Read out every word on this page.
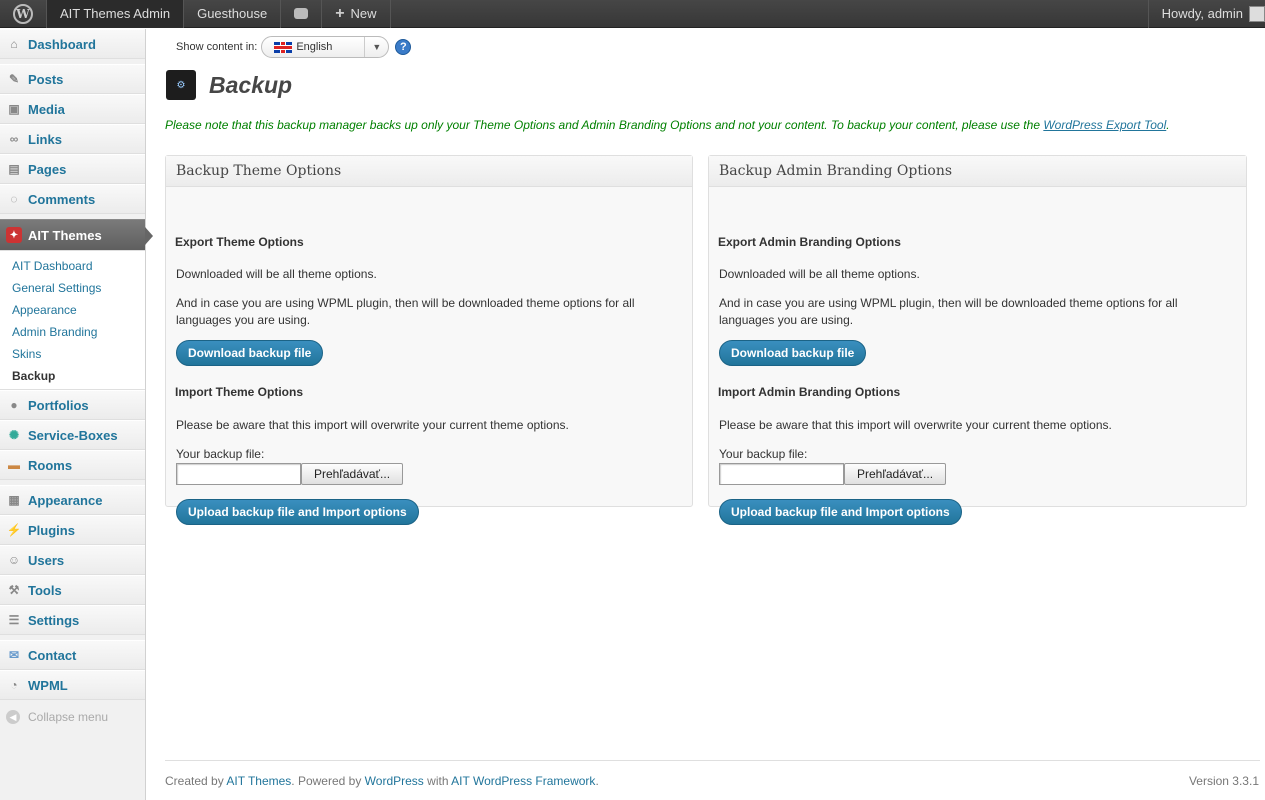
W	AIT Themes Admin	Guesthouse	+ New	Howdy, admin
⌂ Dashboard
✎ Posts
▣ Media
∞ Links
▤ Pages
◌ Comments
✦ AIT Themes
AIT Dashboard
General Settings
Appearance
Admin Branding
Skins
Backup
● Portfolios
✺ Service-Boxes
▬ Rooms
▦ Appearance
⚡ Plugins
☺ Users
⚒ Tools
☰ Settings
✉ Contact
◔ WPML
◀ Collapse menu
Show content in:	English	▼	?
⚙	Backup
Please note that this backup manager backs up only your Theme Options and Admin Branding Options and not your content. To backup your content, please use the WordPress Export Tool.
Backup Theme Options
Export Theme Options
Downloaded will be all theme options.
And in case you are using WPML plugin, then will be downloaded theme options for all languages you are using.
Download backup file
Import Theme Options
Please be aware that this import will overwrite your current theme options.
Your backup file:
Prehľadávať...
Upload backup file and Import options
Backup Admin Branding Options
Export Admin Branding Options
Downloaded will be all theme options.
And in case you are using WPML plugin, then will be downloaded theme options for all languages you are using.
Download backup file
Import Admin Branding Options
Please be aware that this import will overwrite your current theme options.
Your backup file:
Prehľadávať...
Upload backup file and Import options
Created by AIT Themes. Powered by WordPress with AIT WordPress Framework.	Version 3.3.1
